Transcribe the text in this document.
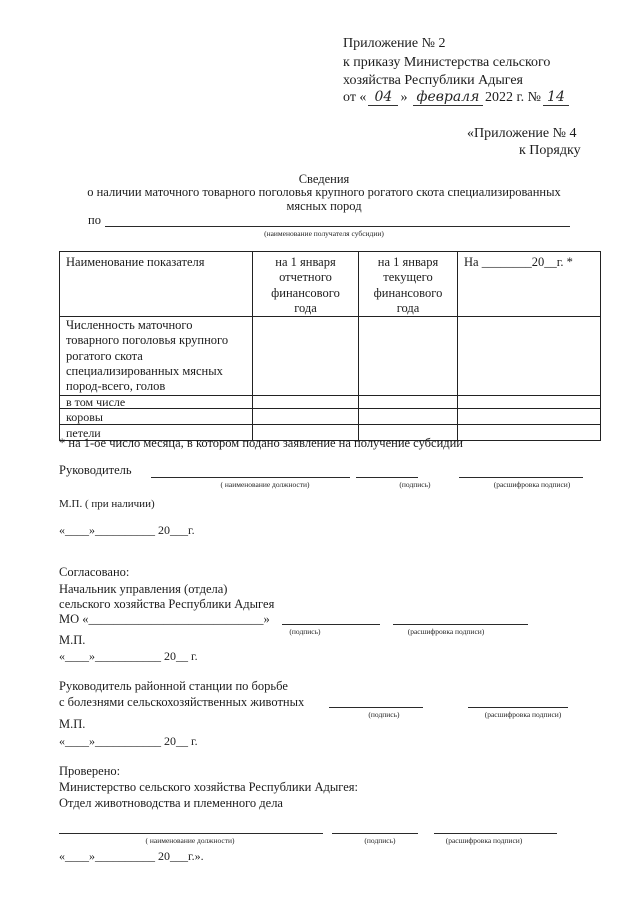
Приложение № 2
к приказу Министерства сельского
хозяйства Республики Адыгея
от « 04 » февраля 2022 г. № 14
«Приложение № 4
к Порядку
Сведения
о наличии маточного товарного поголовья крупного рогатого скота специализированных
мясных пород
по
(наименование получателя субсидии)
Наименование показателя	на 1 января
отчетного
финансового
года	на 1 января
текущего
финансового
года	На ________20__г. *

Численность маточного
товарного поголовья крупного
рогатого скота
специализированных мясных
пород-всего, голов			

в том числе			

коровы			

петели			

* на 1-ое число месяца, в котором подано заявление на получение субсидии
Руководитель
( наименование должности)	(подпись)	(расшифровка подписи)
М.П. ( при наличии)
«____»__________ 20___г.
Согласовано:
Начальник управления (отдела)
сельского хозяйства Республики Адыгея
МО «____________________________»
(подпись)	(расшифровка подписи)
М.П.
«____»___________ 20__ г.
Руководитель районной станции по борьбе
с болезнями сельскохозяйственных животных
(подпись)	(расшифровка подписи)
М.П.
«____»___________ 20__ г.
Проверено:
Министерство сельского хозяйства Республики Адыгея:
Отдел животноводства и племенного дела
( наименование должности)	(подпись)	(расшифровка подписи)
«____»__________ 20___г.».
